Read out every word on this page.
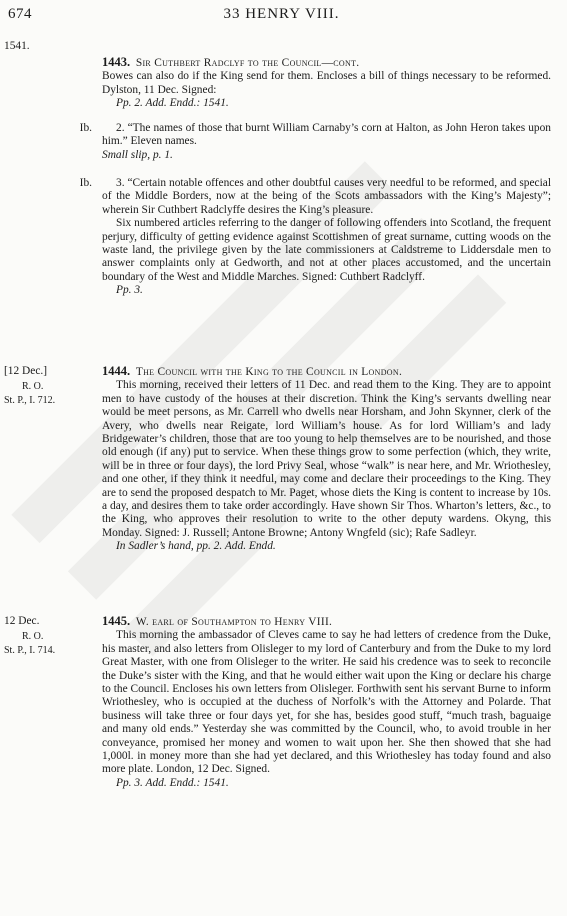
674	33 HENRY VIII.
1541.
1443. Sir Cuthbert Radclyf to the Council—cont.
Bowes can also do if the King send for them. Encloses a bill of things necessary to be reformed. Dylston, 11 Dec. Signed:
Pp. 2. Add. Endd.: 1541.
Ib.	2. “The names of those that burnt William Carnaby’s corn at Halton, as John Heron takes upon him.” Eleven names.
Small slip, p. 1.
Ib.	3. “Certain notable offences and other doubtful causes very needful to be reformed, and special of the Middle Borders, now at the being of the Scots ambassadors with the King’s Majesty”; wherein Sir Cuthbert Radclyffe desires the King’s pleasure.
Six numbered articles referring to the danger of following offenders into Scotland, the frequent perjury, difficulty of getting evidence against Scottishmen of great surname, cutting woods on the waste land, the privilege given by the late commissioners at Caldstreme to Liddersdale men to answer complaints only at Gedworth, and not at other places accustomed, and the uncertain boundary of the West and Middle Marches. Signed: Cuthbert Radclyff.
Pp. 3.
[12 Dec.]
R. O.
St. P., I. 712.
1444. The Council with the King to the Council in London.
This morning, received their letters of 11 Dec. and read them to the King. They are to appoint men to have custody of the houses at their discretion. Think the King’s servants dwelling near would be meet persons, as Mr. Carrell who dwells near Horsham, and John Skynner, clerk of the Avery, who dwells near Reigate, lord William’s house. As for lord William’s and lady Bridgewater’s children, those that are too young to help themselves are to be nourished, and those old enough (if any) put to service. When these things grow to some perfection (which, they write, will be in three or four days), the lord Privy Seal, whose “walk” is near here, and Mr. Wriothesley, and one other, if they think it needful, may come and declare their proceedings to the King. They are to send the proposed despatch to Mr. Paget, whose diets the King is content to increase by 10s. a day, and desires them to take order accordingly. Have shown Sir Thos. Wharton’s letters, &c., to the King, who approves their resolution to write to the other deputy wardens. Okyng, this Monday. Signed: J. Russell; Antone Browne; Antony Wngfeld (sic); Rafe Sadleyr.
In Sadler’s hand, pp. 2. Add. Endd.
12 Dec.
R. O.
St. P., I. 714.
1445. W. earl of Southampton to Henry VIII.
This morning the ambassador of Cleves came to say he had letters of credence from the Duke, his master, and also letters from Olisleger to my lord of Canterbury and from the Duke to my lord Great Master, with one from Olisleger to the writer. He said his credence was to seek to reconcile the Duke’s sister with the King, and that he would either wait upon the King or declare his charge to the Council. Encloses his own letters from Olisleger. Forthwith sent his servant Burne to inform Wriothesley, who is occupied at the duchess of Norfolk’s with the Attorney and Polarde. That business will take three or four days yet, for she has, besides good stuff, “much trash, baguaige and many old ends.” Yesterday she was committed by the Council, who, to avoid trouble in her conveyance, promised her money and women to wait upon her. She then showed that she had 1,000l. in money more than she had yet declared, and this Wriothesley has today found and also more plate. London, 12 Dec. Signed.
Pp. 3. Add. Endd.: 1541.
